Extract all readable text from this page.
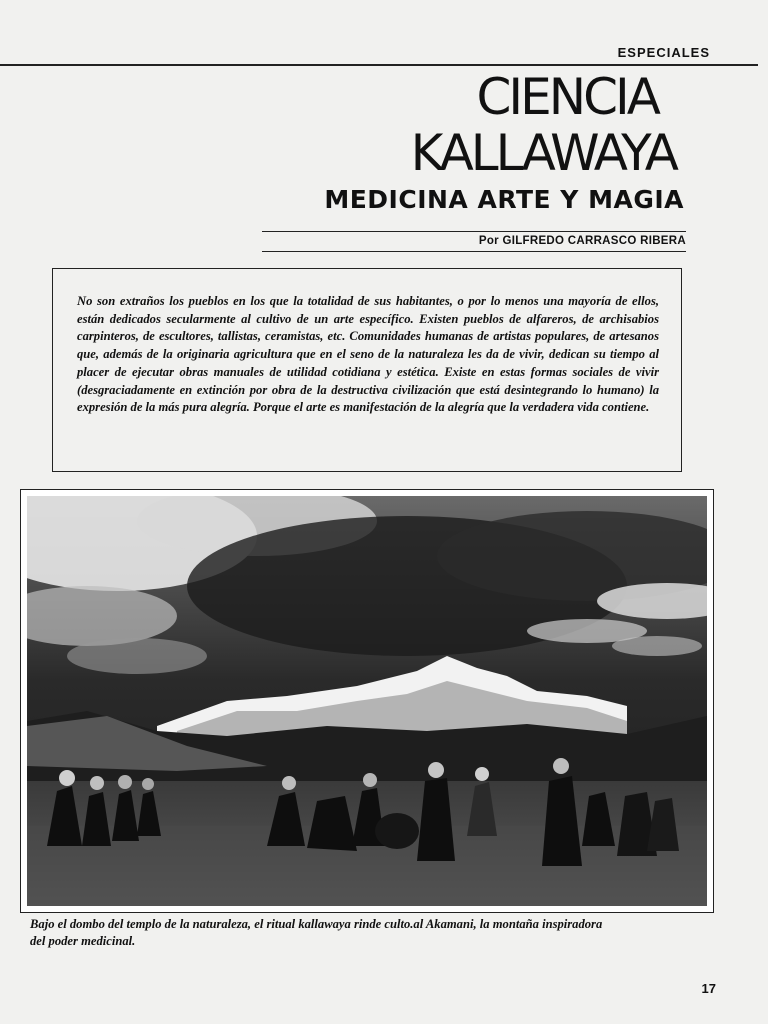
ESPECIALES
CIENCIA
KALLAWAYA
MEDICINA ARTE Y MAGIA
Por GILFREDO CARRASCO RIBERA

No son extraños los pueblos en los que la totalidad de sus habitantes, o por lo menos una mayoría de ellos, están dedicados secularmente al cultivo de un arte específico. Existen pueblos de alfareros, de archisabios carpinteros, de escultores, tallistas, ceramistas, etc. Comunidades humanas de artistas populares, de artesanos que, además de la originaria agricultura que en el seno de la naturaleza les da de vivir, dedican su tiempo al placer de ejecutar obras manuales de utilidad cotidiana y estética. Existe en estas formas sociales de vivir (desgraciadamente en extinción por obra de la destructiva civilización que está desintegrando lo humano) la expresión de la más pura alegría. Porque el arte es manifestación de la alegría que la verdadera vida contiene.

Bajo el dombo del templo de la naturaleza, el ritual kallawaya rinde culto.al Akamani, la montaña inspiradora del poder medicinal.

17
